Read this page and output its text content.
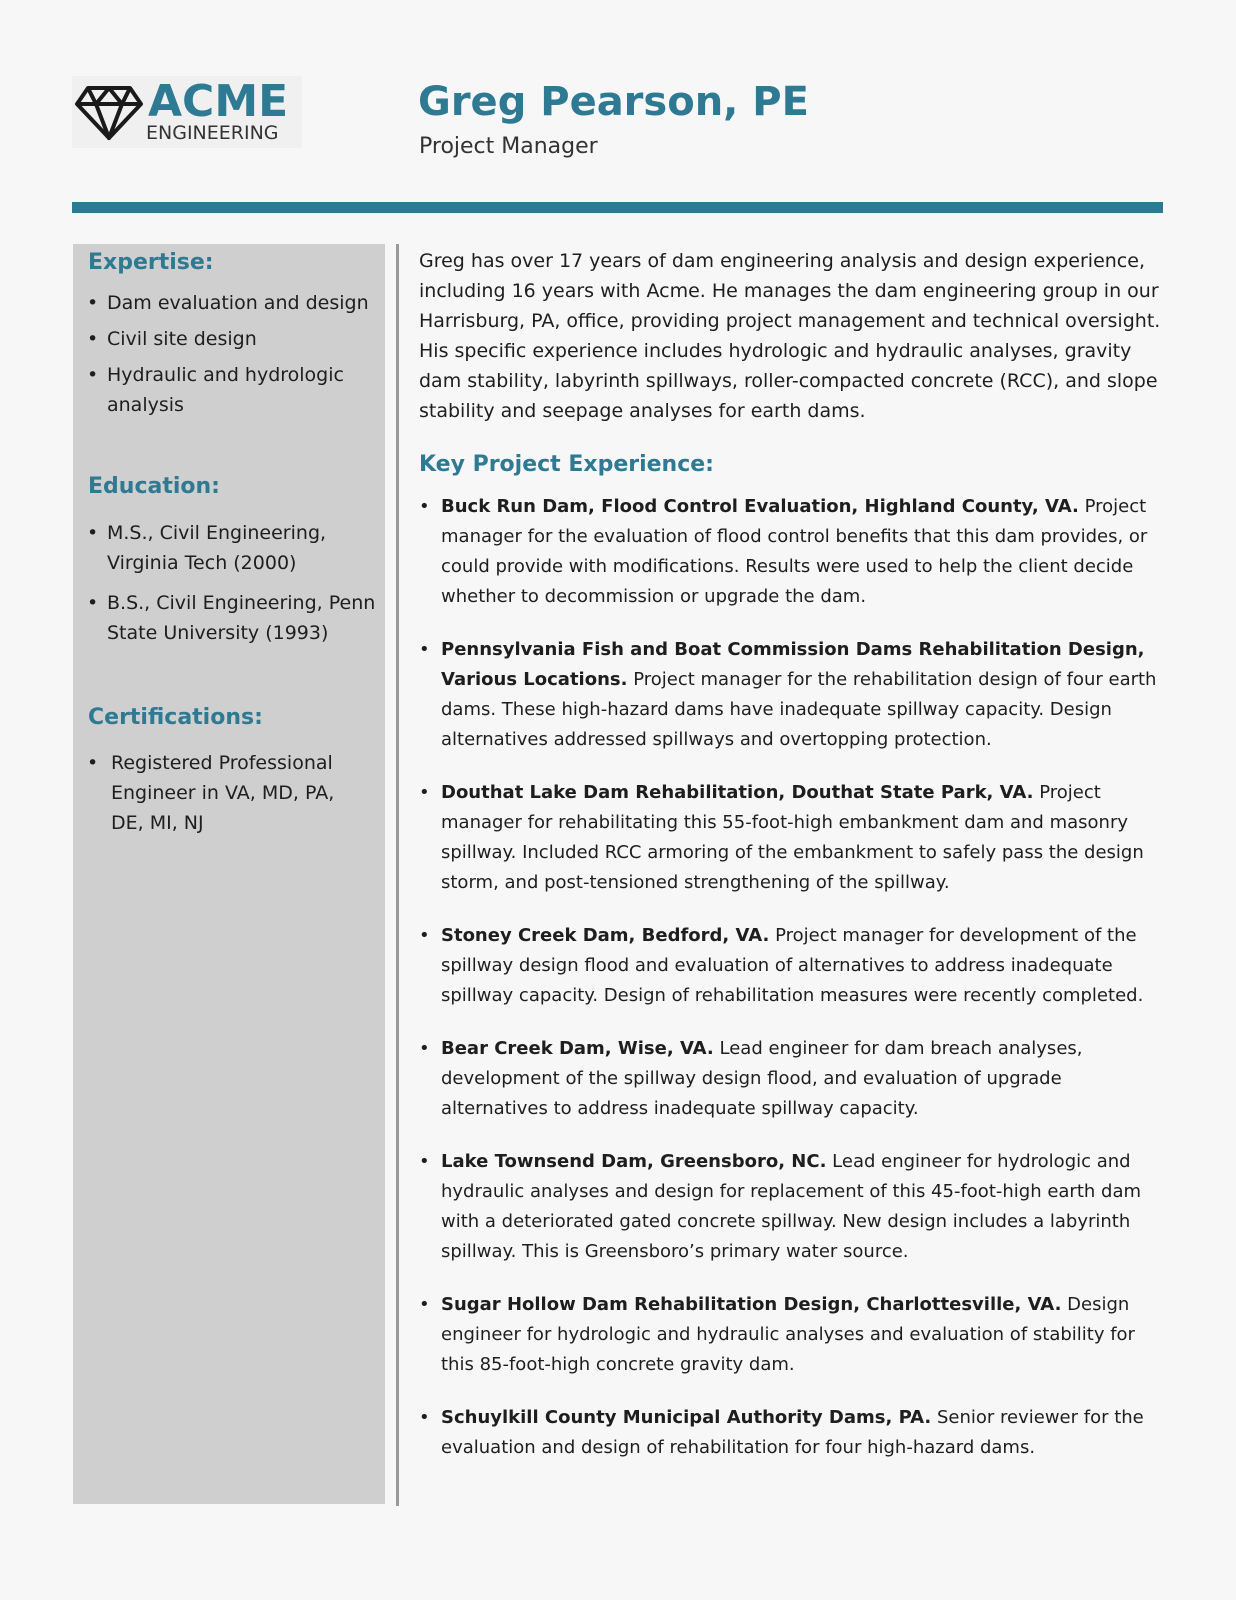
ACME
ENGINEERING
Greg Pearson, PE
Project Manager
Expertise:
• Dam evaluation and design
• Civil site design
• Hydraulic and hydrologic analysis
Education:
• M.S., Civil Engineering, Virginia Tech (2000)
• B.S., Civil Engineering, Penn State University (1993)
Certifications:
• Registered Professional Engineer in VA, MD, PA, DE, MI, NJ

Greg has over 17 years of dam engineering analysis and design experience, including 16 years with Acme. He manages the dam engineering group in our Harrisburg, PA, office, providing project management and technical oversight. His specific experience includes hydrologic and hydraulic analyses, gravity dam stability, labyrinth spillways, roller-compacted concrete (RCC), and slope stability and seepage analyses for earth dams.

Key Project Experience:
• Buck Run Dam, Flood Control Evaluation, Highland County, VA. Project manager for the evaluation of flood control benefits that this dam provides, or could provide with modifications. Results were used to help the client decide whether to decommission or upgrade the dam.
• Pennsylvania Fish and Boat Commission Dams Rehabilitation Design, Various Locations. Project manager for the rehabilitation design of four earth dams. These high-hazard dams have inadequate spillway capacity. Design alternatives addressed spillways and overtopping protection.
• Douthat Lake Dam Rehabilitation, Douthat State Park, VA. Project manager for rehabilitating this 55-foot-high embankment dam and masonry spillway. Included RCC armoring of the embankment to safely pass the design storm, and post-tensioned strengthening of the spillway.
• Stoney Creek Dam, Bedford, VA. Project manager for development of the spillway design flood and evaluation of alternatives to address inadequate spillway capacity. Design of rehabilitation measures were recently completed.
• Bear Creek Dam, Wise, VA. Lead engineer for dam breach analyses, development of the spillway design flood, and evaluation of upgrade alternatives to address inadequate spillway capacity.
• Lake Townsend Dam, Greensboro, NC. Lead engineer for hydrologic and hydraulic analyses and design for replacement of this 45-foot-high earth dam with a deteriorated gated concrete spillway. New design includes a labyrinth spillway. This is Greensboro’s primary water source.
• Sugar Hollow Dam Rehabilitation Design, Charlottesville, VA. Design engineer for hydrologic and hydraulic analyses and evaluation of stability for this 85-foot-high concrete gravity dam.
• Schuylkill County Municipal Authority Dams, PA. Senior reviewer for the evaluation and design of rehabilitation for four high-hazard dams.
